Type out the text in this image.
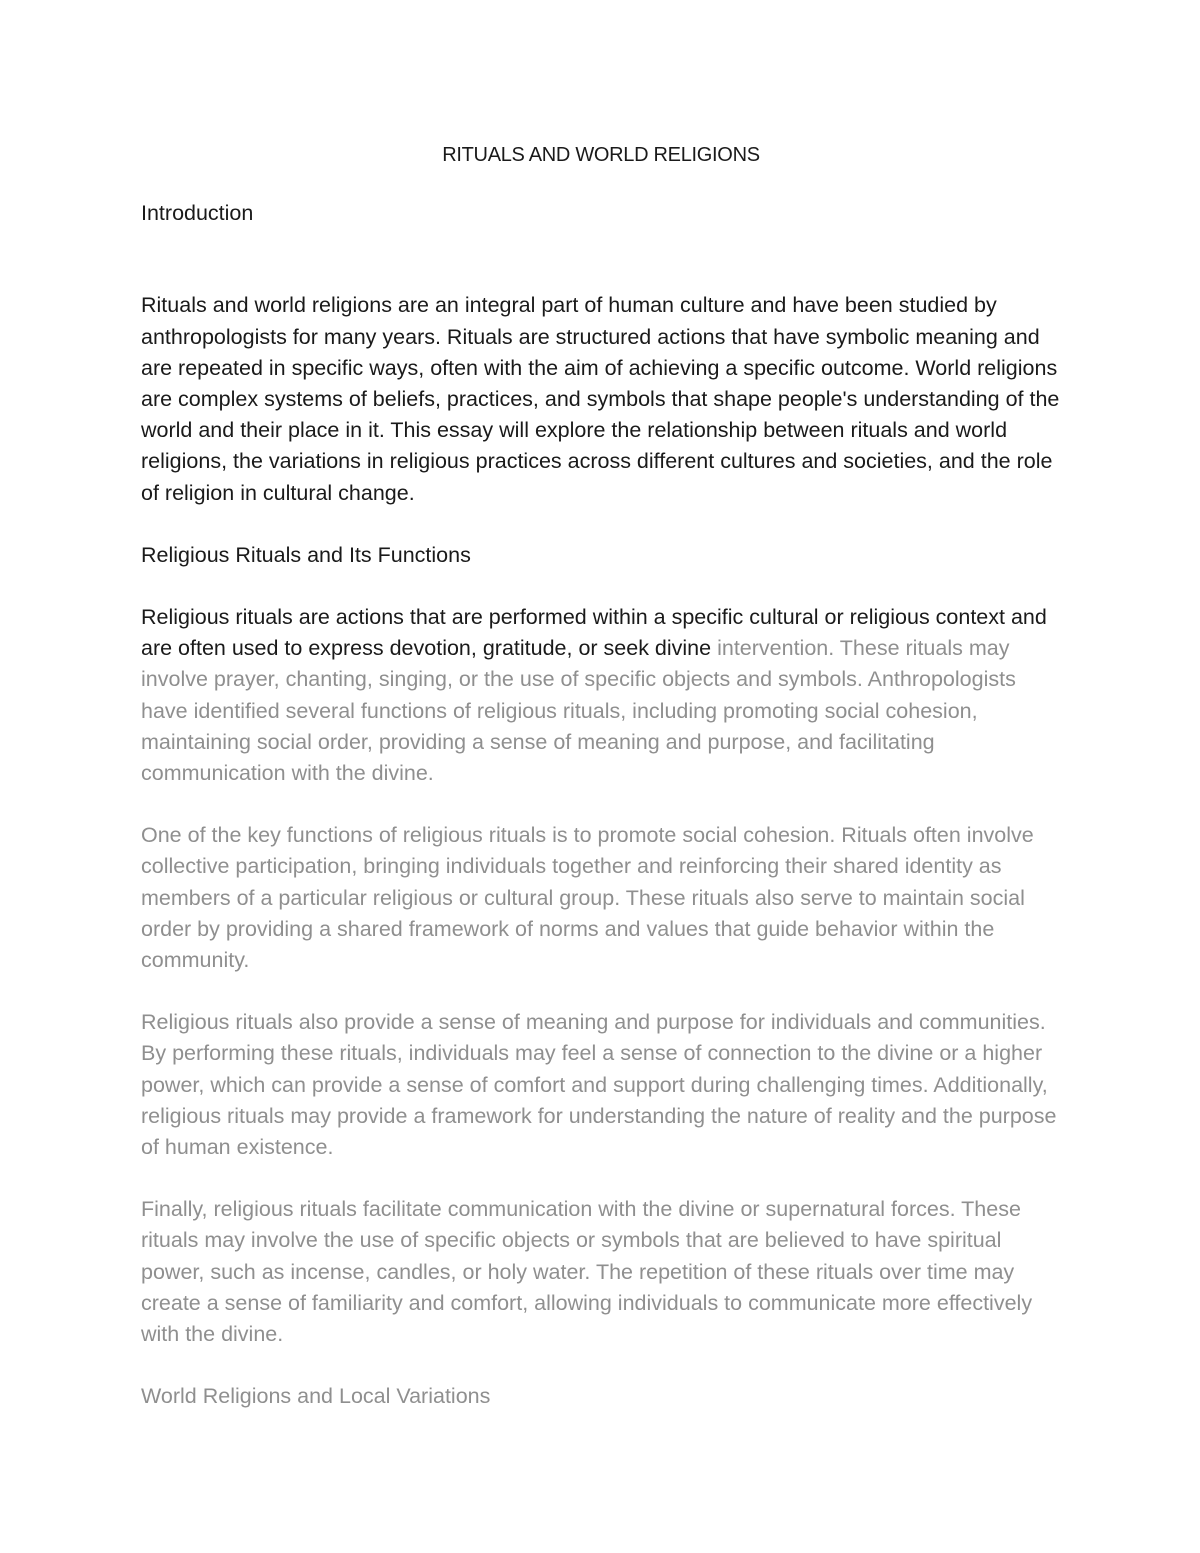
RITUALS AND WORLD RELIGIONS
Introduction

Rituals and world religions are an integral part of human culture and have been studied by anthropologists for many years. Rituals are structured actions that have symbolic meaning and are repeated in specific ways, often with the aim of achieving a specific outcome. World religions are complex systems of beliefs, practices, and symbols that shape people's understanding of the world and their place in it. This essay will explore the relationship between rituals and world religions, the variations in religious practices across different cultures and societies, and the role of religion in cultural change.

Religious Rituals and Its Functions

Religious rituals are actions that are performed within a specific cultural or religious context and are often used to express devotion, gratitude, or seek divine intervention. These rituals may involve prayer, chanting, singing, or the use of specific objects and symbols. Anthropologists have identified several functions of religious rituals, including promoting social cohesion, maintaining social order, providing a sense of meaning and purpose, and facilitating communication with the divine.

One of the key functions of religious rituals is to promote social cohesion. Rituals often involve collective participation, bringing individuals together and reinforcing their shared identity as members of a particular religious or cultural group. These rituals also serve to maintain social order by providing a shared framework of norms and values that guide behavior within the community.

Religious rituals also provide a sense of meaning and purpose for individuals and communities. By performing these rituals, individuals may feel a sense of connection to the divine or a higher power, which can provide a sense of comfort and support during challenging times. Additionally, religious rituals may provide a framework for understanding the nature of reality and the purpose of human existence.

Finally, religious rituals facilitate communication with the divine or supernatural forces. These rituals may involve the use of specific objects or symbols that are believed to have spiritual power, such as incense, candles, or holy water. The repetition of these rituals over time may create a sense of familiarity and comfort, allowing individuals to communicate more effectively with the divine.

World Religions and Local Variations
